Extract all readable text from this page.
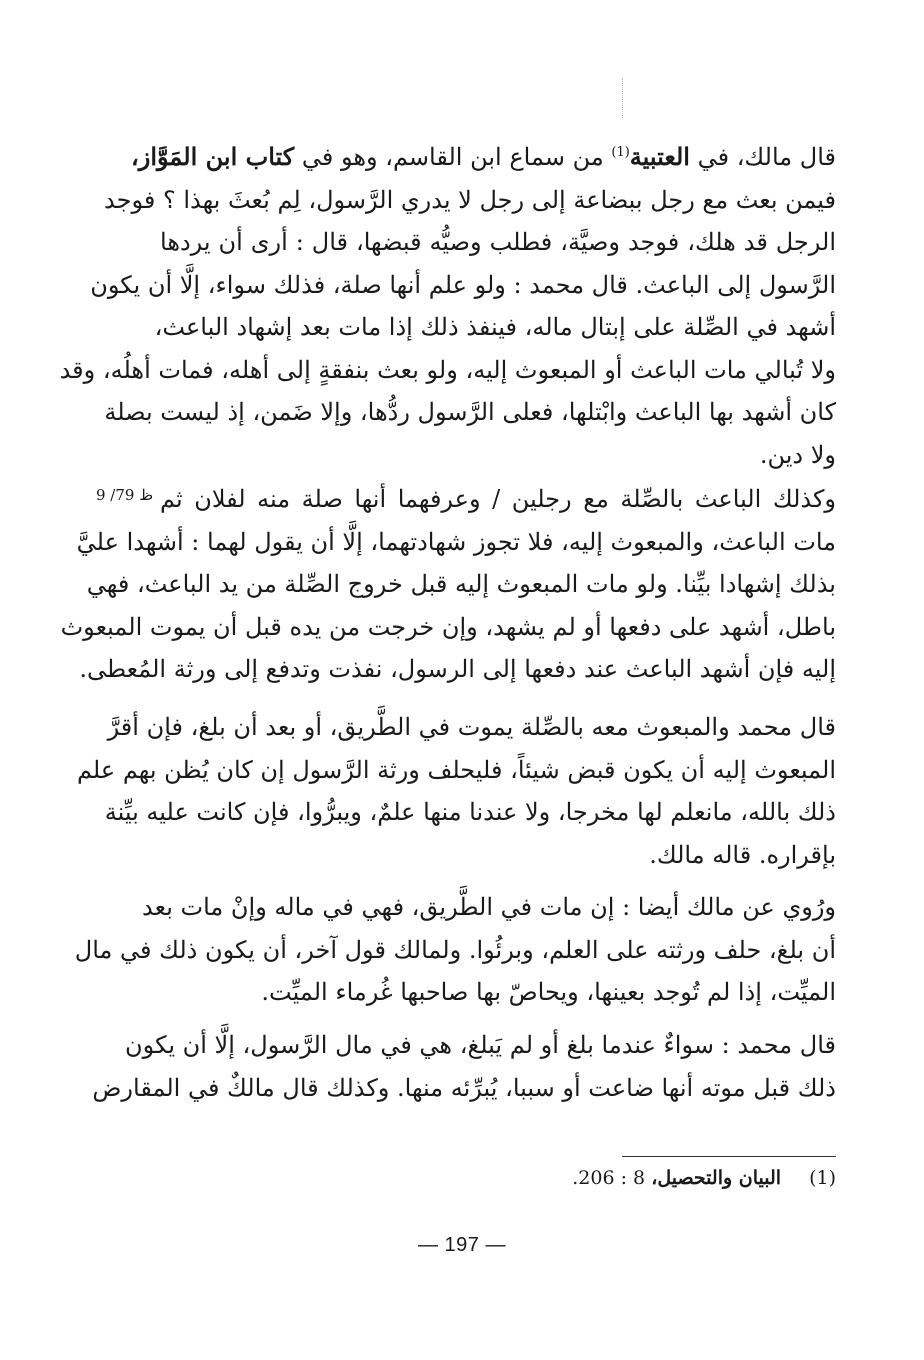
قال مالك، في العتبية$^{(1)}$ من سماع ابن القاسم، وهو في كتاب ابن المَوَّاز،
فيمن بعث مع رجل ببضاعة إلى رجل لا يدري الرَّسول، لِم بُعثَ بهذا ؟ فوجد
الرجل قد هلك، فوجد وصيَّة، فطلب وصيُّه قبضها، قال : أرى أن يردها
الرَّسول إلى الباعث. قال محمد : ولو علم أنها صلة، فذلك سواء، إلَّا أن يكون
أشهد في الصِّلة على إبتال ماله، فينفذ ذلك إذا مات بعد إشهاد الباعث،
ولا تُبالي مات الباعث أو المبعوث إليه، ولو بعث بنفقةٍ إلى أهله، فمات أهلُه، وقد
كان أشهد بها الباعث وابْتلها، فعلى الرَّسول ردُّها، وإلا ضَمن، إذ ليست بصلة
ولا دين.
9 /79 ظ وكذلك الباعث بالصِّلة مع رجلين / وعرفهما أنها صلة منه لفلان ثم
مات الباعث، والمبعوث إليه، فلا تجوز شهادتهما، إلَّا أن يقول لهما : أشهدا عليَّ
بذلك إشهادا بيِّنا. ولو مات المبعوث إليه قبل خروج الصِّلة من يد الباعث، فهي
باطل، أشهد على دفعها أو لم يشهد، وإن خرجت من يده قبل أن يموت المبعوث
إليه فإن أشهد الباعث عند دفعها إلى الرسول، نفذت وتدفع إلى ورثة المُعطى.
قال محمد والمبعوث معه بالصِّلة يموت في الطَّريق، أو بعد أن بلغ، فإن أقرَّ
المبعوث إليه أن يكون قبض شيئاً، فليحلف ورثة الرَّسول إن كان يُظن بهم علم
ذلك بالله، مانعلم لها مخرجا، ولا عندنا منها علمٌ، ويبرُّوا، فإن كانت عليه بيِّنة
بإقراره. قاله مالك.
ورُوي عن مالك أيضا : إن مات في الطَّريق، فهي في ماله وإنْ مات بعد
أن بلغ، حلف ورثته على العلم، وبرئُوا. ولمالك قول آخر، أن يكون ذلك في مال
الميِّت، إذا لم تُوجد بعينها، ويحاصّ بها صاحبها غُرماء الميِّت.
قال محمد : سواءٌ عندما بلغ أو لم يَبلغ، هي في مال الرَّسول، إلَّا أن يكون
ذلك قبل موته أنها ضاعت أو سببا، يُبرِّئه منها. وكذلك قال مالكٌ في المقارض
(1)البيان والتحصيل، 8 : 206.
— 197 —
